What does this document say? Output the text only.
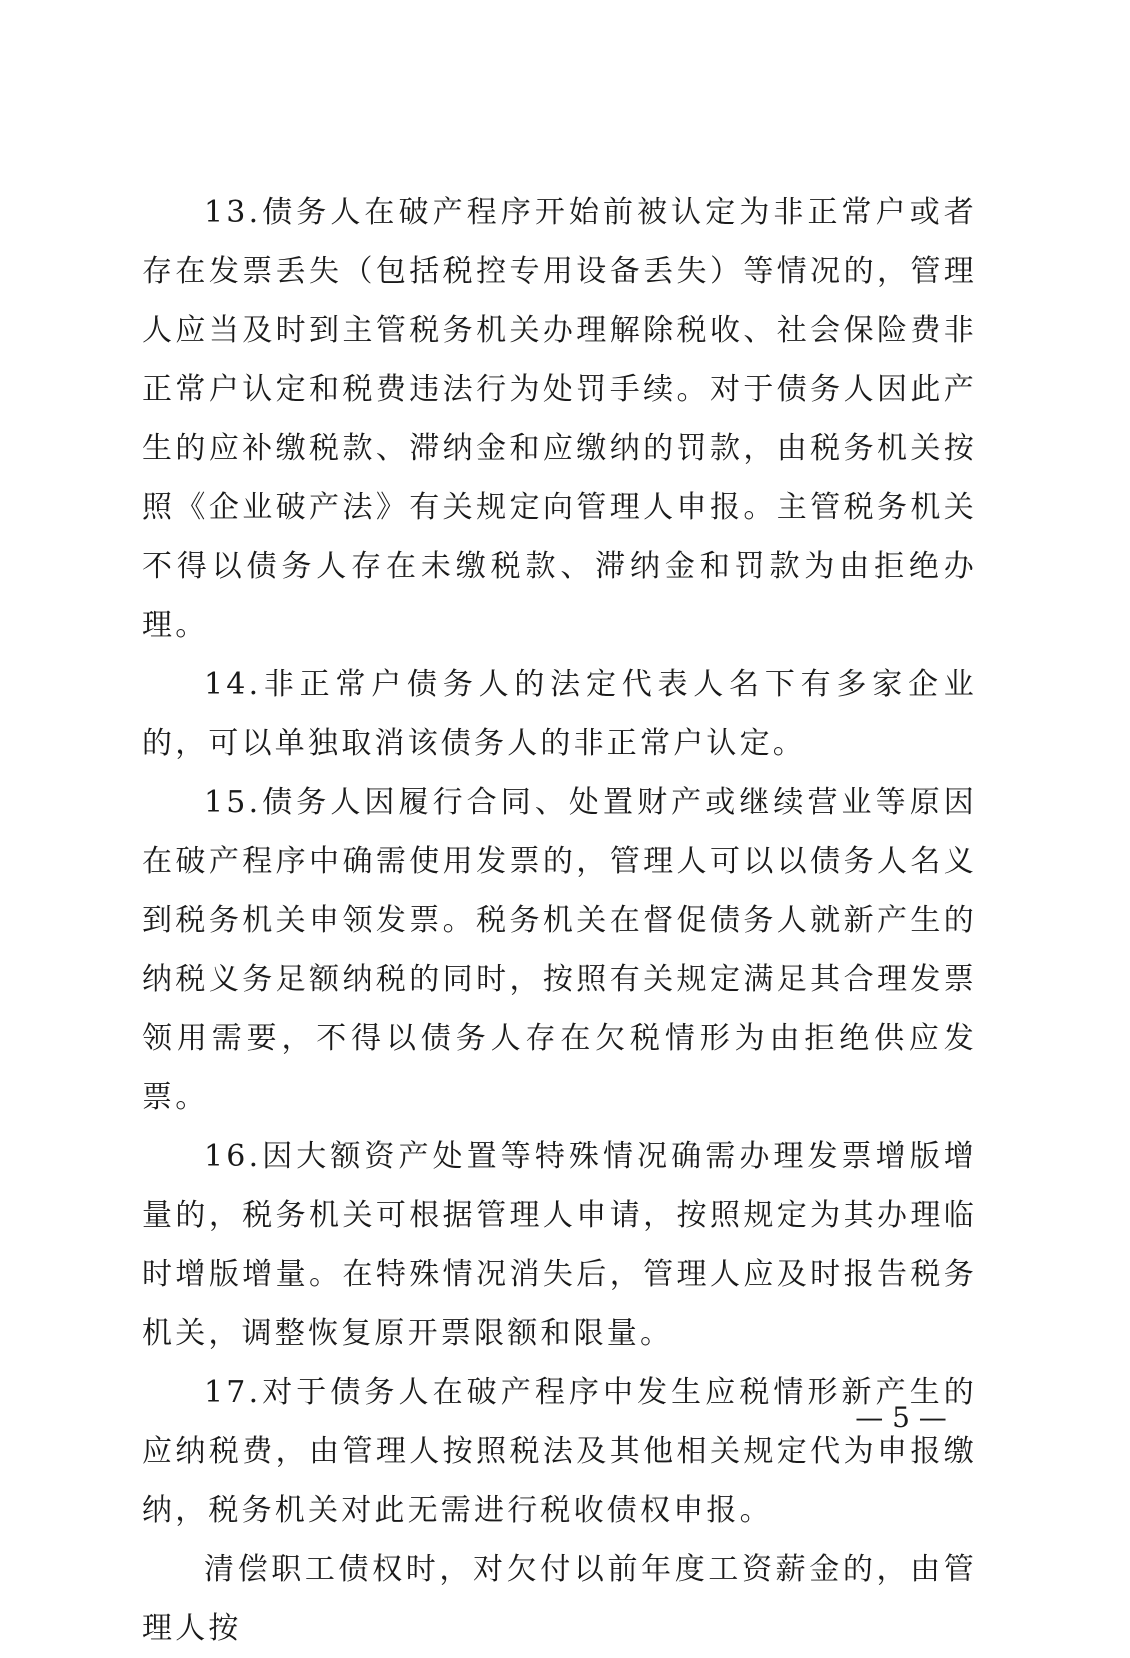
13.债务人在破产程序开始前被认定为非正常户或者存在发票丢失（包括税控专用设备丢失）等情况的，管理人应当及时到主管税务机关办理解除税收、社会保险费非正常户认定和税费违法行为处罚手续。对于债务人因此产生的应补缴税款、滞纳金和应缴纳的罚款，由税务机关按照《企业破产法》有关规定向管理人申报。主管税务机关不得以债务人存在未缴税款、滞纳金和罚款为由拒绝办理。

14.非正常户债务人的法定代表人名下有多家企业的，可以单独取消该债务人的非正常户认定。

15.债务人因履行合同、处置财产或继续营业等原因在破产程序中确需使用发票的，管理人可以以债务人名义到税务机关申领发票。税务机关在督促债务人就新产生的纳税义务足额纳税的同时，按照有关规定满足其合理发票领用需要，不得以债务人存在欠税情形为由拒绝供应发票。

16.因大额资产处置等特殊情况确需办理发票增版增量的，税务机关可根据管理人申请，按照规定为其办理临时增版增量。在特殊情况消失后，管理人应及时报告税务机关，调整恢复原开票限额和限量。

17.对于债务人在破产程序中发生应税情形新产生的应纳税费，由管理人按照税法及其他相关规定代为申报缴纳，税务机关对此无需进行税收债权申报。

清偿职工债权时，对欠付以前年度工资薪金的，由管理人按

— 5 —
